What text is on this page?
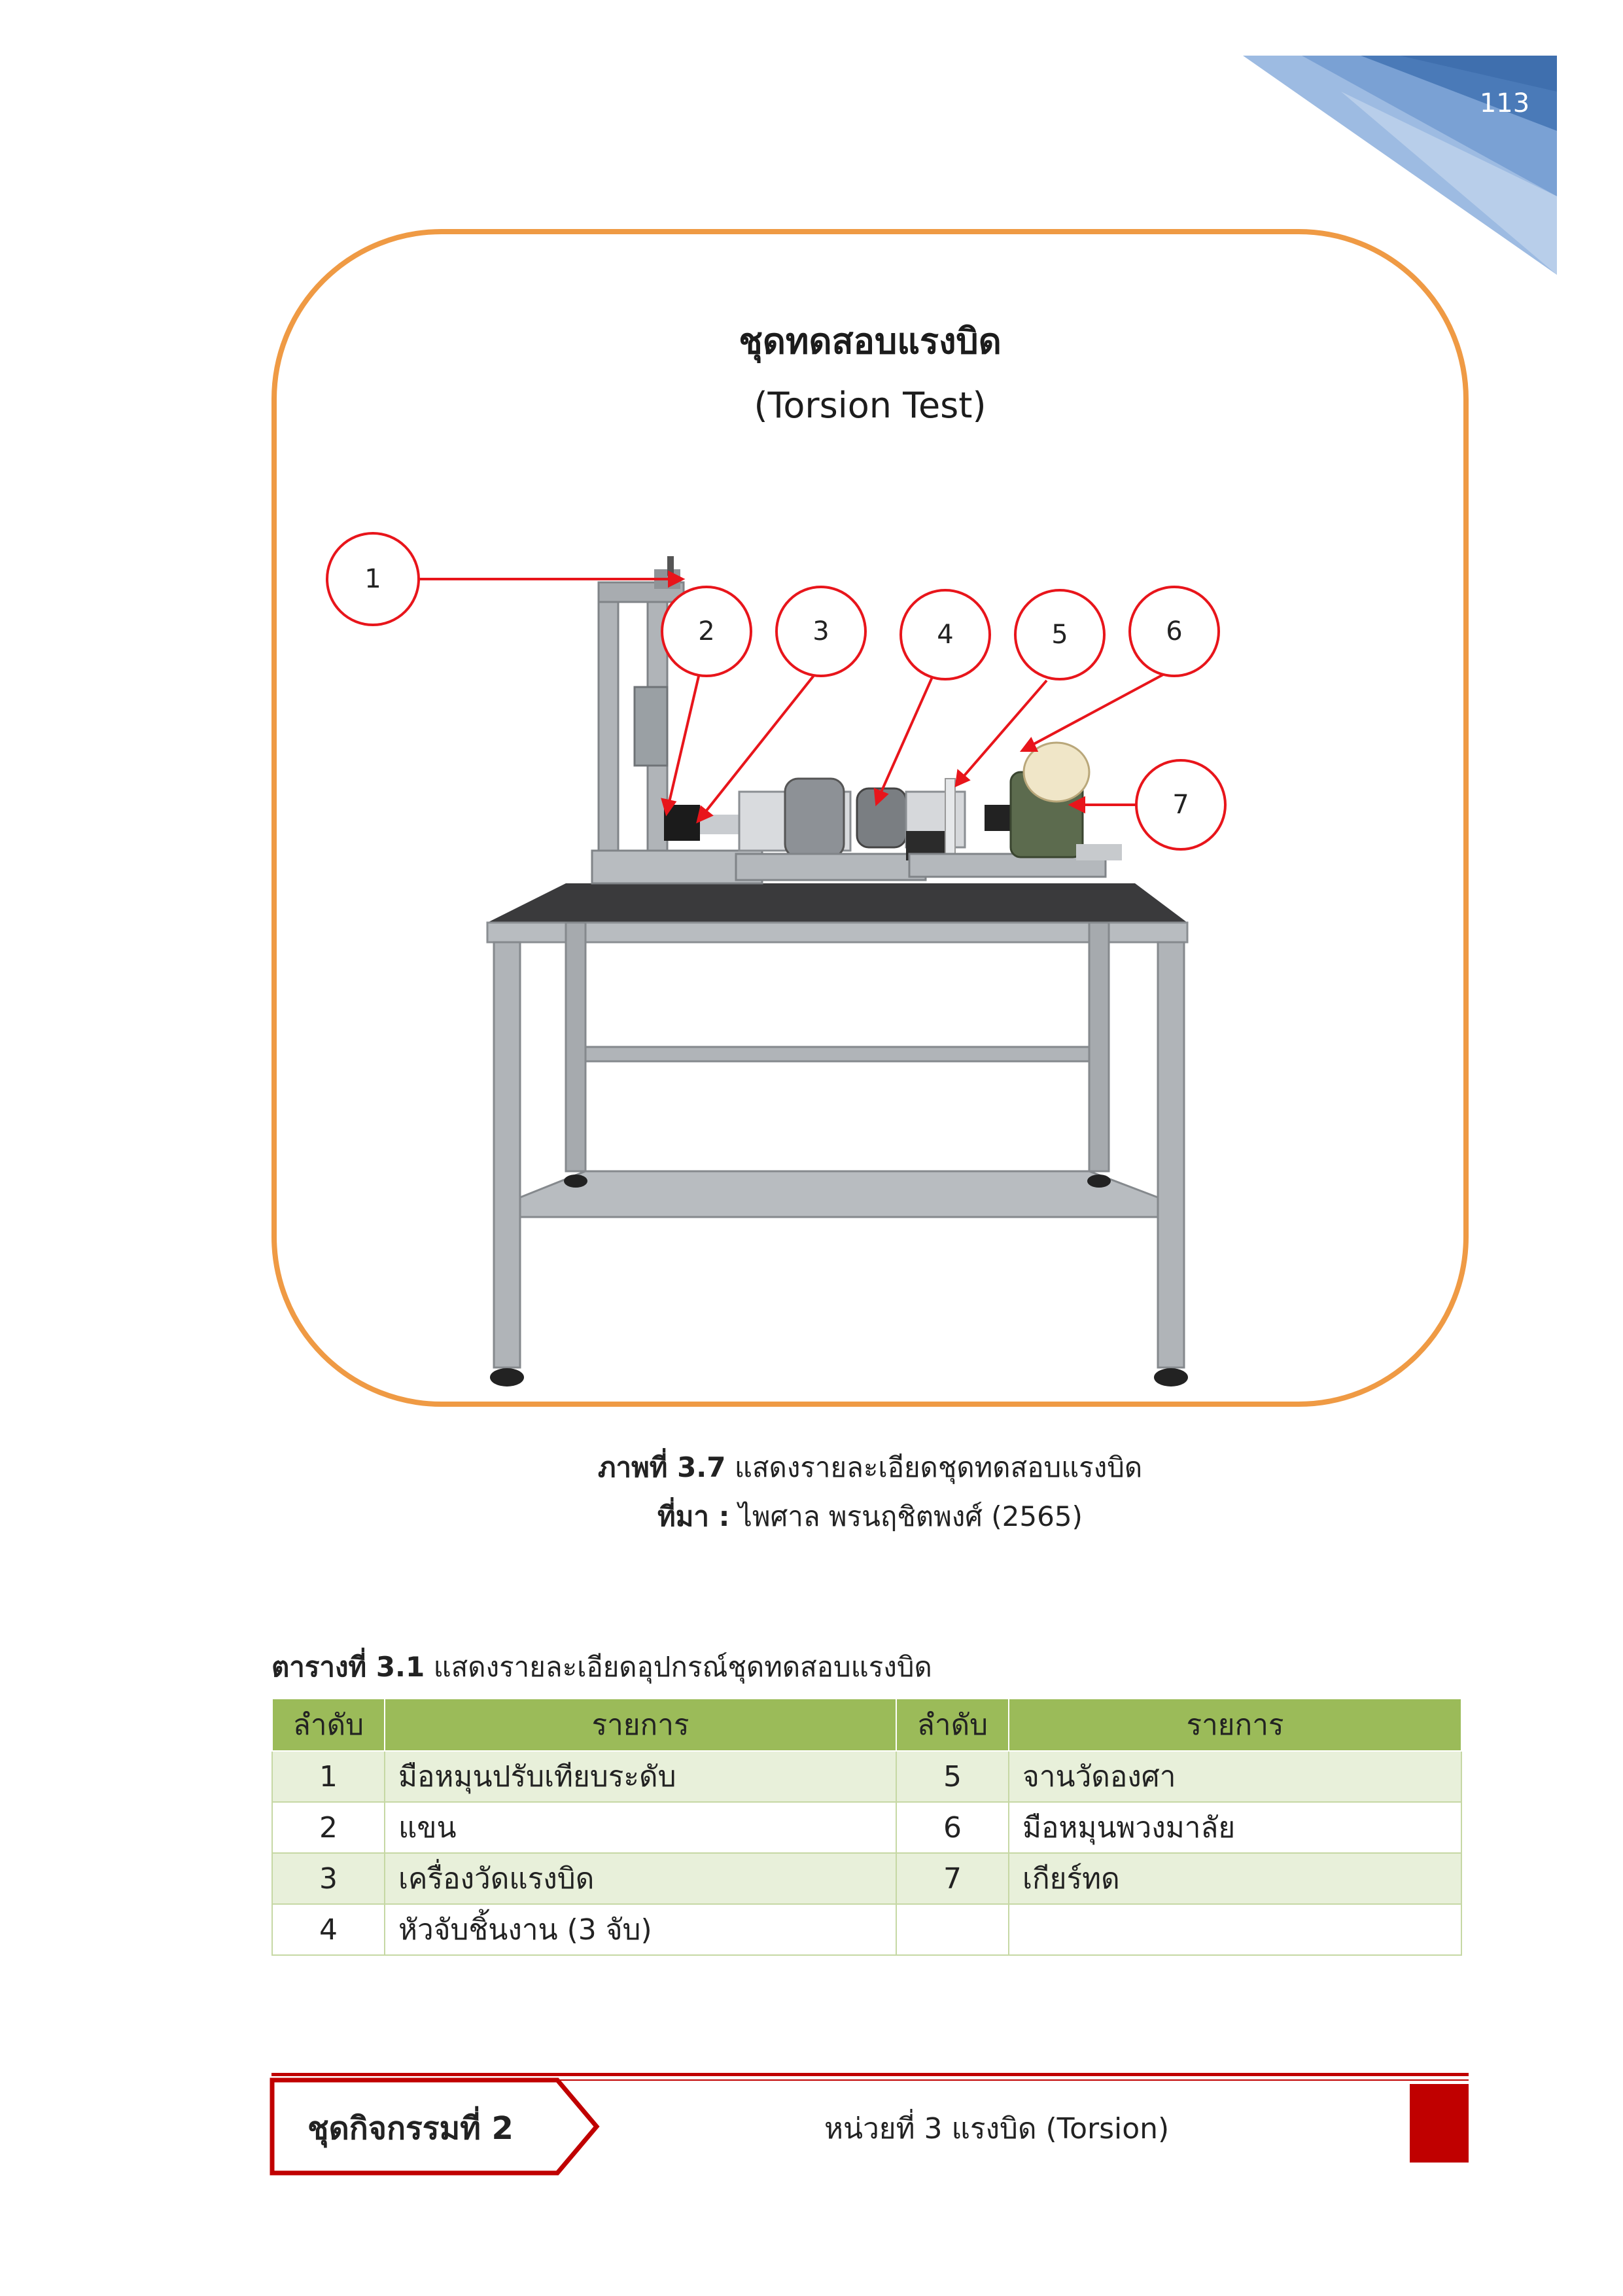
113
ชุดทดสอบแรงบิด
(Torsion Test)
1
2	3	4	5	6
7
ภาพที่ 3.7 แสดงรายละเอียดชุดทดสอบแรงบิด
ที่มา : ไพศาล พรนฤชิตพงศ์ (2565)
ตารางที่ 3.1 แสดงรายละเอียดอุปกรณ์ชุดทดสอบแรงบิด
ลำดับ	รายการ	ลำดับ	รายการ
1	มือหมุนปรับเทียบระดับ	5	จานวัดองศา
2	แขน	6	มือหมุนพวงมาลัย
3	เครื่องวัดแรงบิด	7	เกียร์ทด
4	หัวจับชิ้นงาน (3 จับ)		
ชุดกิจกรรมที่ 2	หน่วยที่ 3 แรงบิด (Torsion)
